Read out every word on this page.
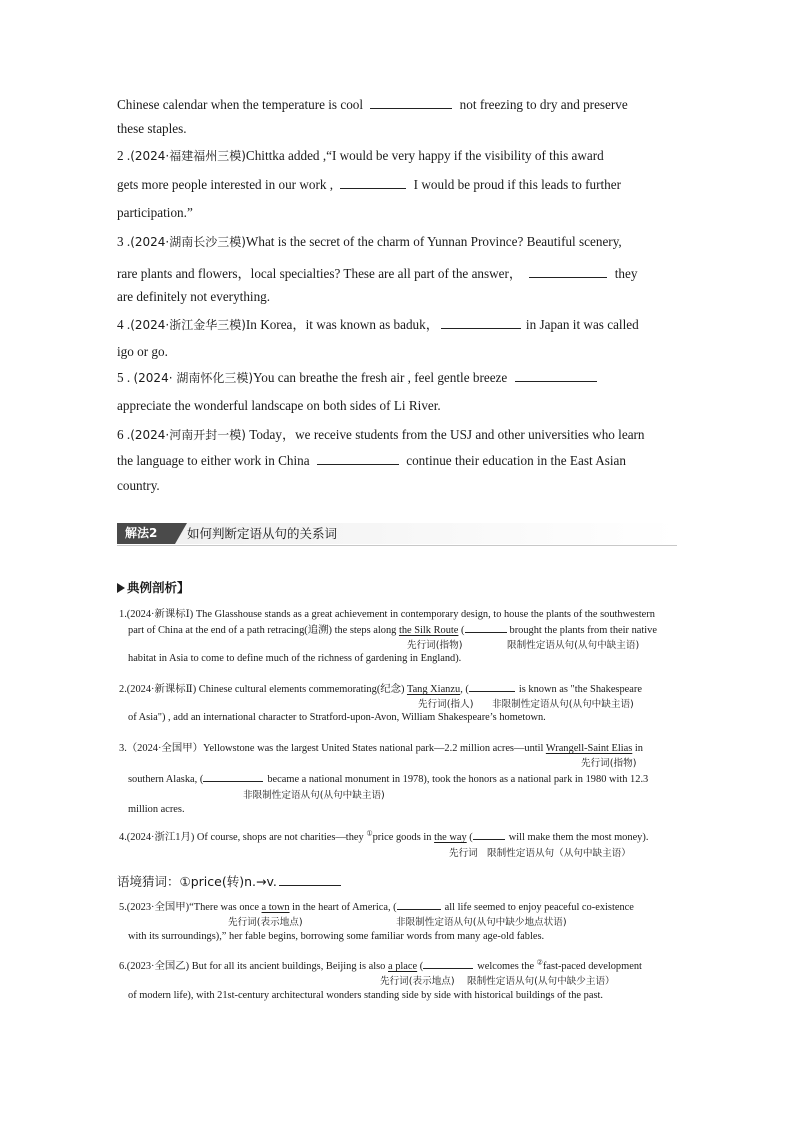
Chinese calendar when the temperature is cool	not freezing to dry and preserve
these staples.
2 .(2024·福建福州三模)Chittka added ,“I would be very happy if the visibility of this award
gets more people interested in our work ,	I would be proud if this leads to further
participation.”
3 .(2024·湖南长沙三模)What is the secret of the charm of Yunnan Province? Beautiful scenery,
rare plants and flowers，local specialties? These are all part of the answer，	they
are definitely not everything.
4 .(2024·浙江金华三模)In Korea，it was known as baduk，	in Japan it was called
igo or go.
5 . (2024· 湖南怀化三模)You can breathe the fresh air , feel gentle breeze
appreciate the wonderful landscape on both sides of Li River.
6 .(2024·河南开封一模) Today，we receive students from the USJ and other universities who learn
the language to either work in China	continue their education in the East Asian
country.
解法2	如何判断定语从句的关系词
典例剖析】
1.(2024·新课标Ⅰ) The Glasshouse stands as a great achievement in contemporary design, to house the plants of the southwestern
part of China at the end of a path retracing(追溯) the steps along the Silk Route (	brought the plants from their native
先行词(指物)	限制性定语从句(从句中缺主语)
habitat in Asia to come to define much of the richness of gardening in England).
2.(2024·新课标Ⅱ) Chinese cultural elements commemorating(纪念) Tang Xianzu, (	is known as "the Shakespeare
先行词(指人) 非限制性定语从句(从句中缺主语)
of Asia") , add an international character to Stratford-upon-Avon, William Shakespeare’s hometown.
3.（2024·全国甲）Yellowstone was the largest United States national park—2.2 million acres—until Wrangell-Saint Elias in
先行词(指物)
southern Alaska, (	became a national monument in 1978), took the honors as a national park in 1980 with 12.3
非限制性定语从句(从句中缺主语)
million acres.
4.(2024·浙江1月) Of course, shops are not charities—they ①price goods in the way (	will make them the most money).
先行词 限制性定语从句（从句中缺主语）
语境猜词：①price(转)n.→v.
5.(2023·全国甲)“There was once a town in the heart of America, (	all life seemed to enjoy peaceful co-existence
先行词(表示地点)	非限制性定语从句(从句中缺少地点状语)
with its surroundings),” her fable begins, borrowing some familiar words from many age-old fables.
6.(2023·全国乙) But for all its ancient buildings, Beijing is also a place (	welcomes the ②fast-paced development
先行词(表示地点) 限制性定语从句(从句中缺少主语）
of modern life), with 21st-century architectural wonders standing side by side with historical buildings of the past.
